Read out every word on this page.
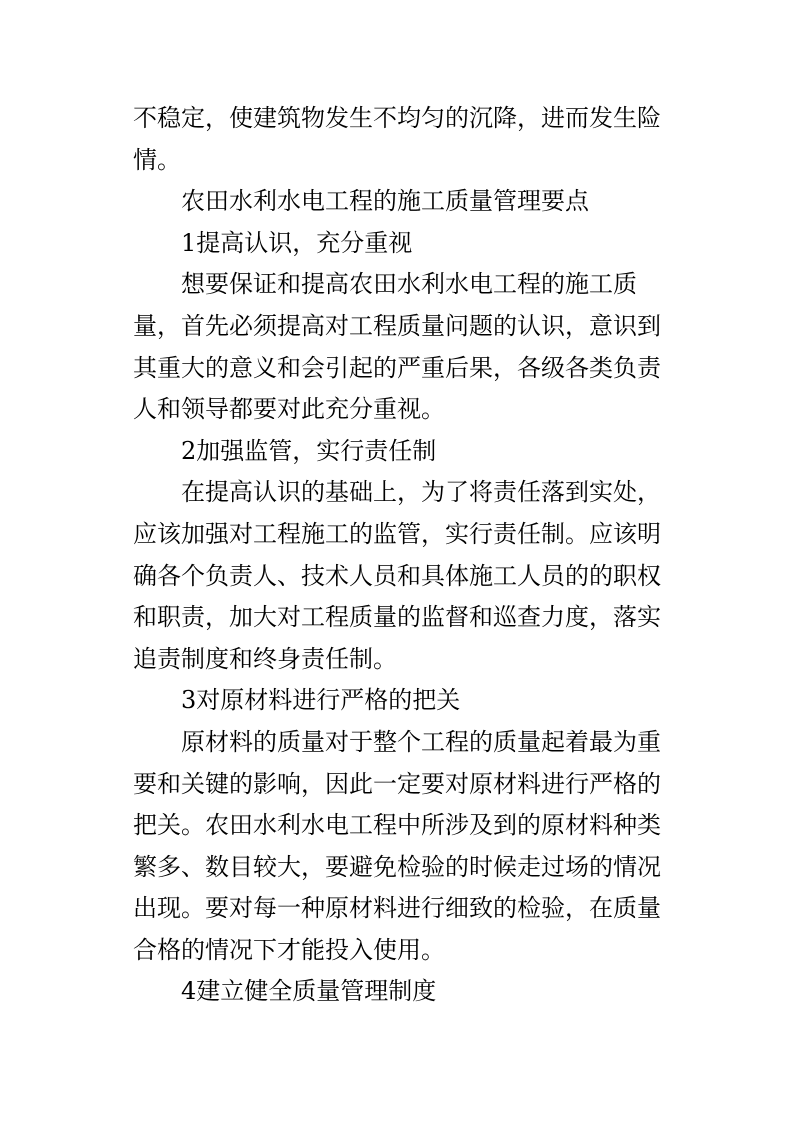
不稳定，使建筑物发生不均匀的沉降，进而发生险情。

农田水利水电工程的施工质量管理要点

1提高认识，充分重视

想要保证和提高农田水利水电工程的施工质量，首先必须提高对工程质量问题的认识，意识到其重大的意义和会引起的严重后果，各级各类负责人和领导都要对此充分重视。

2加强监管，实行责任制

在提高认识的基础上，为了将责任落到实处，应该加强对工程施工的监管，实行责任制。应该明确各个负责人、技术人员和具体施工人员的的职权和职责，加大对工程质量的监督和巡查力度，落实追责制度和终身责任制。

3对原材料进行严格的把关

原材料的质量对于整个工程的质量起着最为重要和关键的影响，因此一定要对原材料进行严格的把关。农田水利水电工程中所涉及到的原材料种类繁多、数目较大，要避免检验的时候走过场的情况出现。要对每一种原材料进行细致的检验，在质量合格的情况下才能投入使用。

4建立健全质量管理制度
